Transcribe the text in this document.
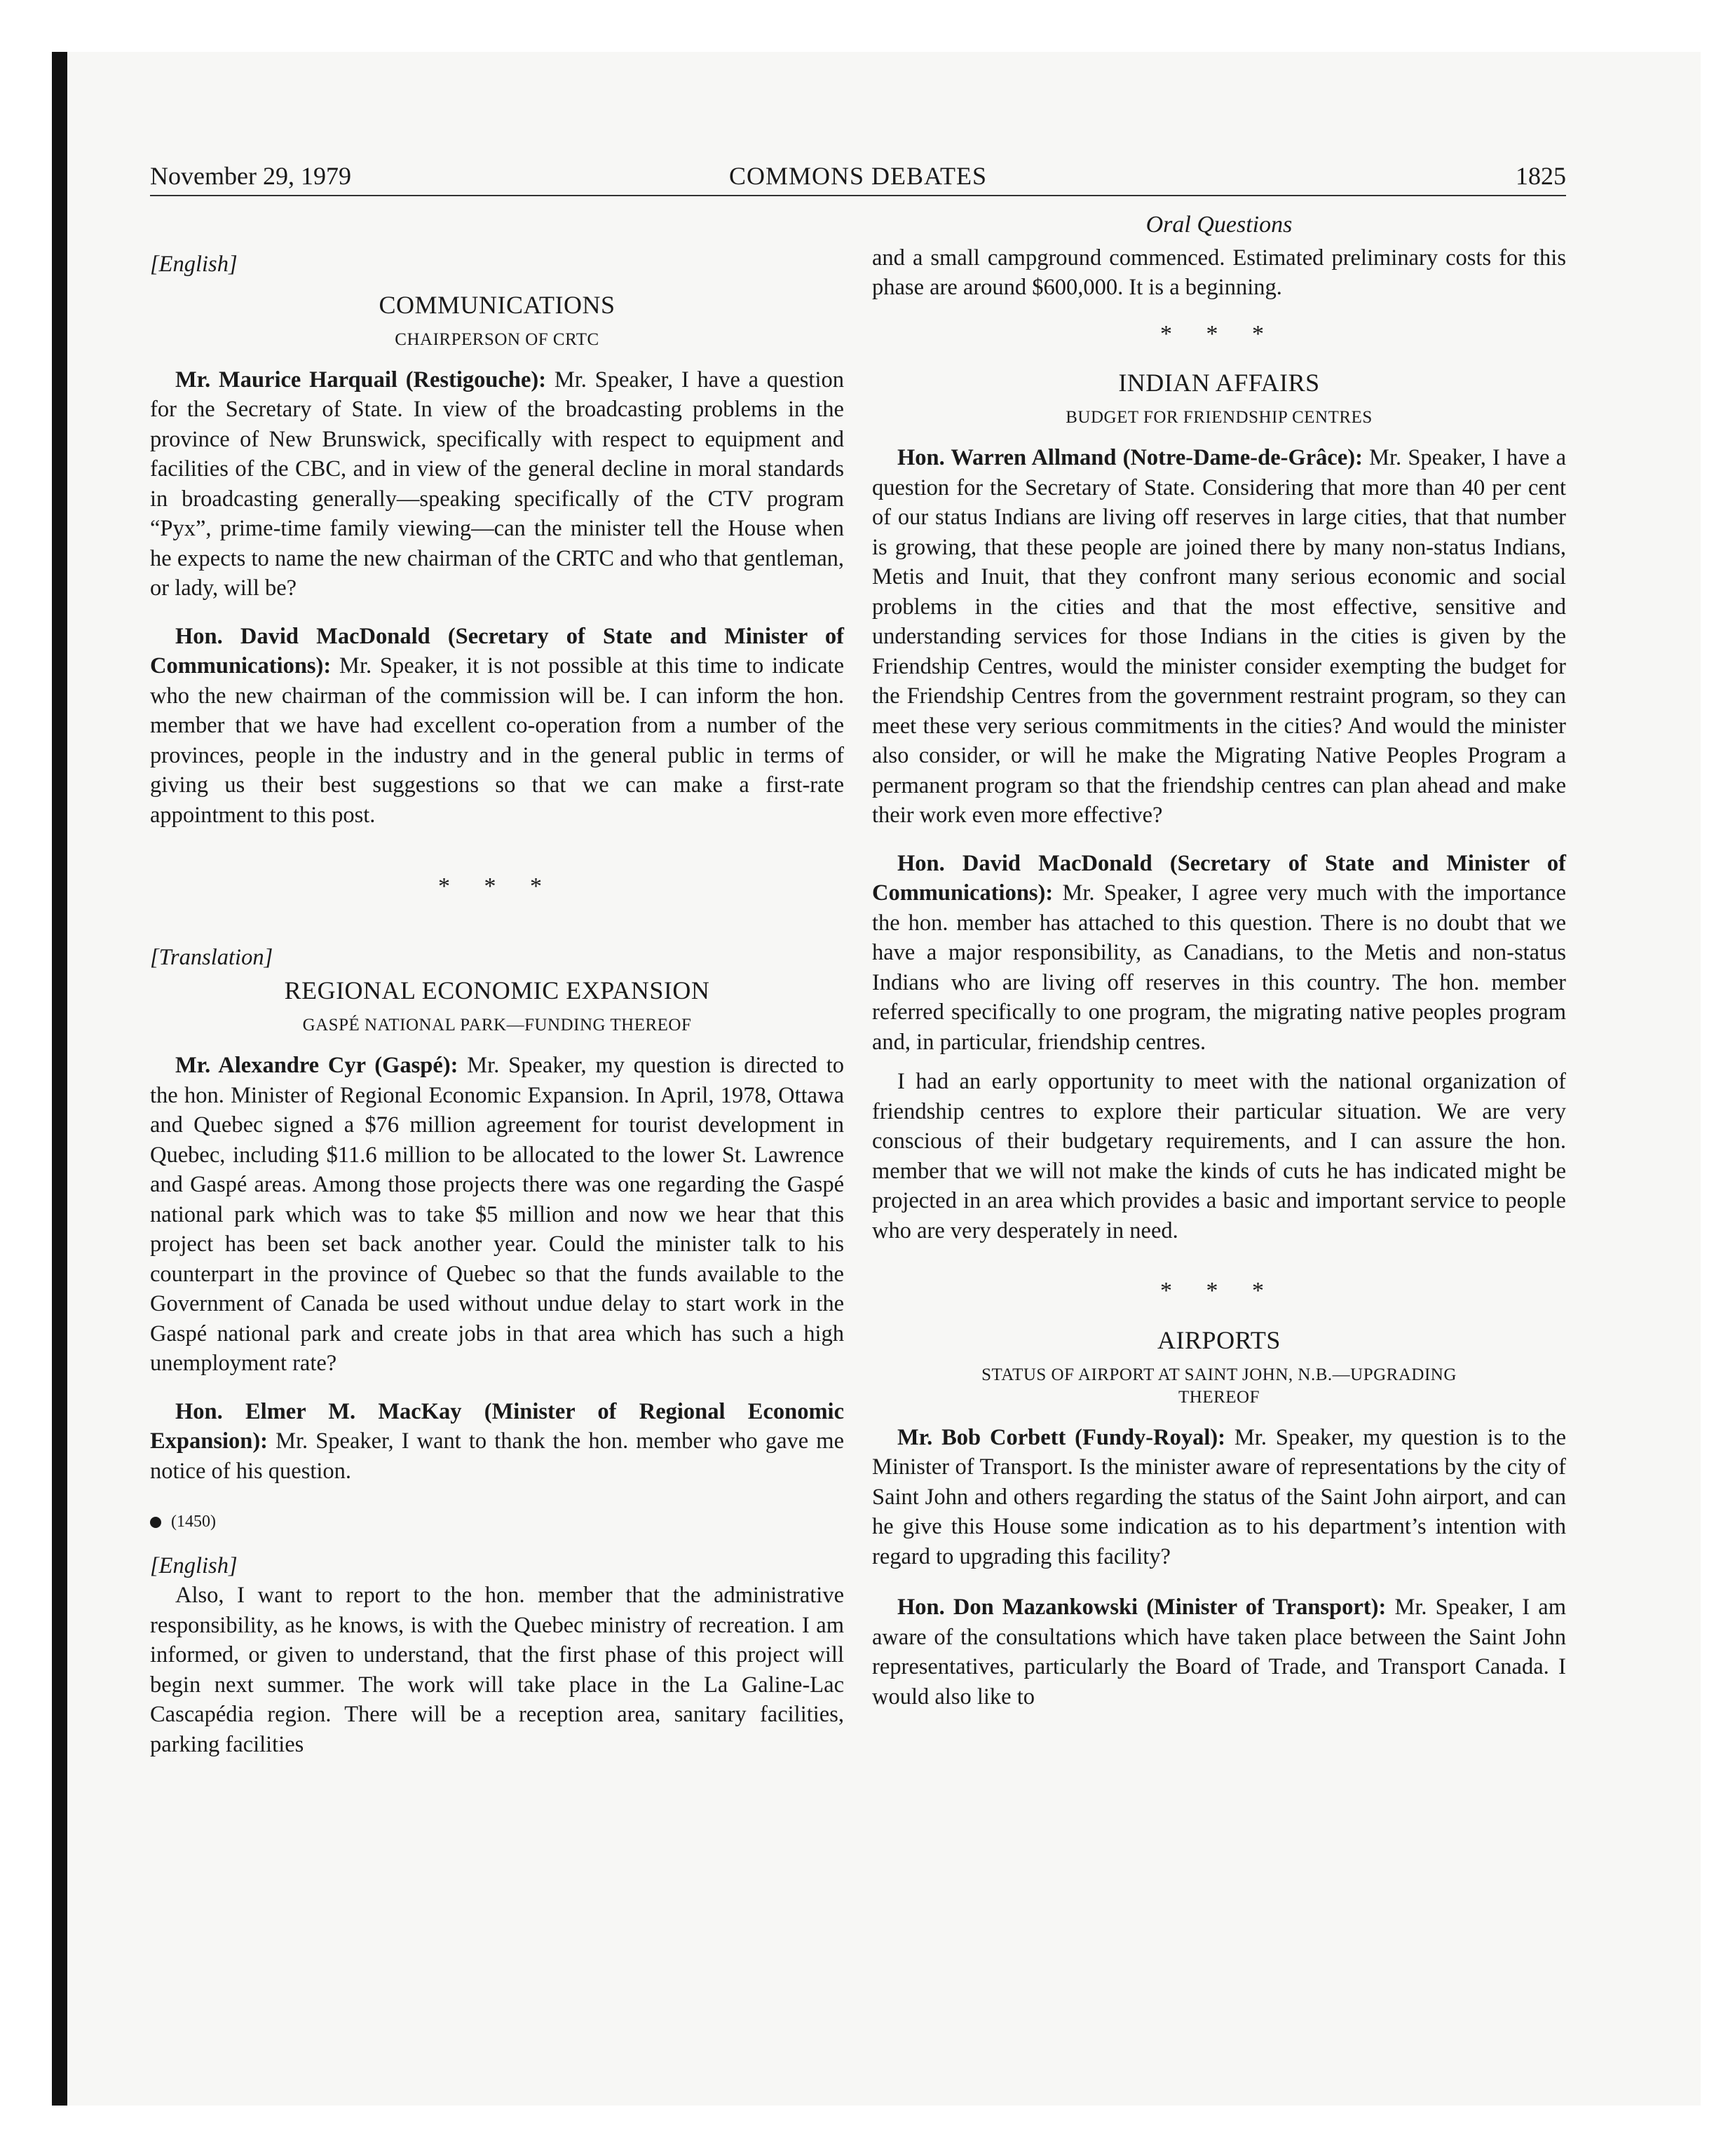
November 29, 1979	COMMONS DEBATES	1825
[English]
COMMUNICATIONS
CHAIRPERSON OF CRTC

Mr. Maurice Harquail (Restigouche): Mr. Speaker, I have a question for the Secretary of State. In view of the broadcasting problems in the province of New Brunswick, specifically with respect to equipment and facilities of the CBC, and in view of the general decline in moral standards in broadcasting generally—speaking specifically of the CTV program “Pyx”, prime-time family viewing—can the minister tell the House when he expects to name the new chairman of the CRTC and who that gentleman, or lady, will be?

Hon. David MacDonald (Secretary of State and Minister of Communications): Mr. Speaker, it is not possible at this time to indicate who the new chairman of the commission will be. I can inform the hon. member that we have had excellent co-operation from a number of the provinces, people in the industry and in the general public in terms of giving us their best suggestions so that we can make a first-rate appointment to this post.

* * *
[Translation]
REGIONAL ECONOMIC EXPANSION
GASPÉ NATIONAL PARK—FUNDING THEREOF

Mr. Alexandre Cyr (Gaspé): Mr. Speaker, my question is directed to the hon. Minister of Regional Economic Expansion. In April, 1978, Ottawa and Quebec signed a $76 million agreement for tourist development in Quebec, including $11.6 million to be allocated to the lower St. Lawrence and Gaspé areas. Among those projects there was one regarding the Gaspé national park which was to take $5 million and now we hear that this project has been set back another year. Could the minister talk to his counterpart in the province of Quebec so that the funds available to the Government of Canada be used without undue delay to start work in the Gaspé national park and create jobs in that area which has such a high unemployment rate?

Hon. Elmer M. MacKay (Minister of Regional Economic Expansion): Mr. Speaker, I want to thank the hon. member who gave me notice of his question.

(1450)
[English]

Also, I want to report to the hon. member that the administrative responsibility, as he knows, is with the Quebec ministry of recreation. I am informed, or given to understand, that the first phase of this project will begin next summer. The work will take place in the La Galine-Lac Cascapédia region. There will be a reception area, sanitary facilities, parking facilities

Oral Questions

and a small campground commenced. Estimated preliminary costs for this phase are around $600,000. It is a beginning.

* * *
INDIAN AFFAIRS
BUDGET FOR FRIENDSHIP CENTRES

Hon. Warren Allmand (Notre-Dame-de-Grâce): Mr. Speaker, I have a question for the Secretary of State. Considering that more than 40 per cent of our status Indians are living off reserves in large cities, that that number is growing, that these people are joined there by many non-status Indians, Metis and Inuit, that they confront many serious economic and social problems in the cities and that the most effective, sensitive and understanding services for those Indians in the cities is given by the Friendship Centres, would the minister consider exempting the budget for the Friendship Centres from the government restraint program, so they can meet these very serious commitments in the cities? And would the minister also consider, or will he make the Migrating Native Peoples Program a permanent program so that the friendship centres can plan ahead and make their work even more effective?

Hon. David MacDonald (Secretary of State and Minister of Communications): Mr. Speaker, I agree very much with the importance the hon. member has attached to this question. There is no doubt that we have a major responsibility, as Canadians, to the Metis and non-status Indians who are living off reserves in this country. The hon. member referred specifically to one program, the migrating native peoples program and, in particular, friendship centres.

I had an early opportunity to meet with the national organization of friendship centres to explore their particular situation. We are very conscious of their budgetary requirements, and I can assure the hon. member that we will not make the kinds of cuts he has indicated might be projected in an area which provides a basic and important service to people who are very desperately in need.

* * *
AIRPORTS
STATUS OF AIRPORT AT SAINT JOHN, N.B.—UPGRADING THEREOF

Mr. Bob Corbett (Fundy-Royal): Mr. Speaker, my question is to the Minister of Transport. Is the minister aware of representations by the city of Saint John and others regarding the status of the Saint John airport, and can he give this House some indication as to his department’s intention with regard to upgrading this facility?

Hon. Don Mazankowski (Minister of Transport): Mr. Speaker, I am aware of the consultations which have taken place between the Saint John representatives, particularly the Board of Trade, and Transport Canada. I would also like to
